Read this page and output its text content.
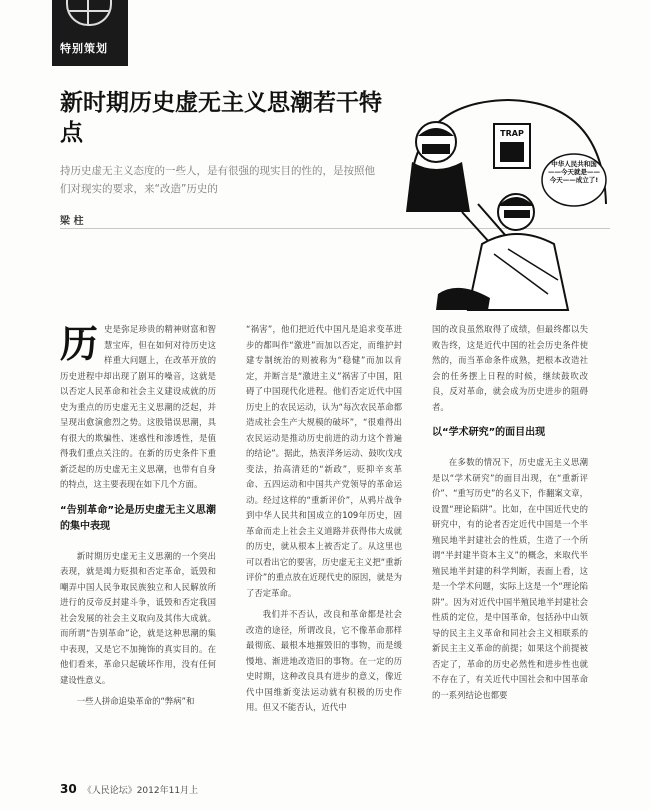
特别策划
新时期历史虚无主义思潮若干特点

持历史虚无主义态度的一些人，是有很强的现实目的性的，是按照他们对现实的要求，来“改造”历史的

梁 柱
TRAP
中华人民共和国——今天就是——今天——成立了!

历史是弥足珍贵的精神财富和智慧宝库，但在如何对待历史这样重大问题上，在改革开放的历史进程中却出现了剧耳的噪音，这就是以否定人民革命和社会主义建设成就的历史为重点的历史虚无主义思潮的泛起，并呈现出愈演愈烈之势。这股错误思潮，具有很大的欺骗性、迷惑性和渗透性，是值得我们重点关注的。在新的历史条件下重新泛起的历史虚无主义思潮，也带有自身的特点，这主要表现在如下几个方面。

“告别革命”论是历史虚无主义思潮的集中表现

新时期历史虚无主义思潮的一个突出表现，就是竭力贬损和否定革命，诋毁和嘲弄中国人民争取民族独立和人民解放所进行的反帝反封建斗争，诋毁和否定我国社会发展的社会主义取向及其伟大成就。而所谓“告别革命”论，就是这种思潮的集中表现，又是它不加掩饰的真实目的。在他们看来，革命只起破坏作用，没有任何建设性意义。

一些人拼命追染革命的“弊病”和

“祸害”，他们把近代中国凡是追求变革进步的都叫作“激进”而加以否定，而维护封建专制统治的则被称为“稳健”而加以肯定，并断言是“激进主义”祸害了中国，阻碍了中国现代化进程。他们否定近代中国历史上的农民运动，认为“每次农民革命都造成社会生产大规模的破坏”，“很难得出农民运动是推动历史前进的动力这个普遍的结论”。据此，热衷洋务运动、鼓吹戊戌变法，抬高清廷的“新政”，贬抑辛亥革命、五四运动和中国共产党领导的革命运动。经过这样的“重新评价”，从鸦片战争到中华人民共和国成立的109年历史，固革命而走上社会主义道路并获得伟大成就的历史，就从根本上被否定了。从这里也可以看出它的要害，历史虚无主义把“重新评价”的重点放在近现代史的原因，就是为了否定革命。

我们并不否认，改良和革命都是社会改造的途径，所谓改良，它不像革命那样最彻底、最根本地摧毁旧的事物，而是缓慢地、渐进地改造旧的事物。在一定的历史时期，这种改良具有进步的意义，像近代中国维新变法运动就有积极的历史作用。但又不能否认，近代中

国的改良虽然取得了成绩，但最终都以失败告终，这是近代中国的社会历史条件使然的，而当革命条件成熟，把根本改造社会的任务摆上日程的时候，继续鼓吹改良，反对革命，就会成为历史进步的阻碍者。

以“学术研究”的面目出现

在多数的情况下，历史虚无主义思潮是以“学术研究”的面目出现，在“重新评价”、“重写历史”的名义下，作翻案文章，设置“理论陷阱”。比如，在中国近代史的研究中，有的论者否定近代中国是一个半殖民地半封建社会的性质，生造了一个所谓“半封建半资本主义”的概念，来取代半殖民地半封建的科学判断，表面上看，这是一个学术问题，实际上这是一个“理论陷阱”。因为对近代中国半殖民地半封建社会性质的定位，是中国革命，包括孙中山领导的民主主义革命和同社会主义相联系的新民主主义革命的前提；如果这个前提被否定了，革命的历史必然性和进步性也就不存在了，有关近代中国社会和中国革命的一系列结论也都要

30 《人民论坛》2012年11月上
